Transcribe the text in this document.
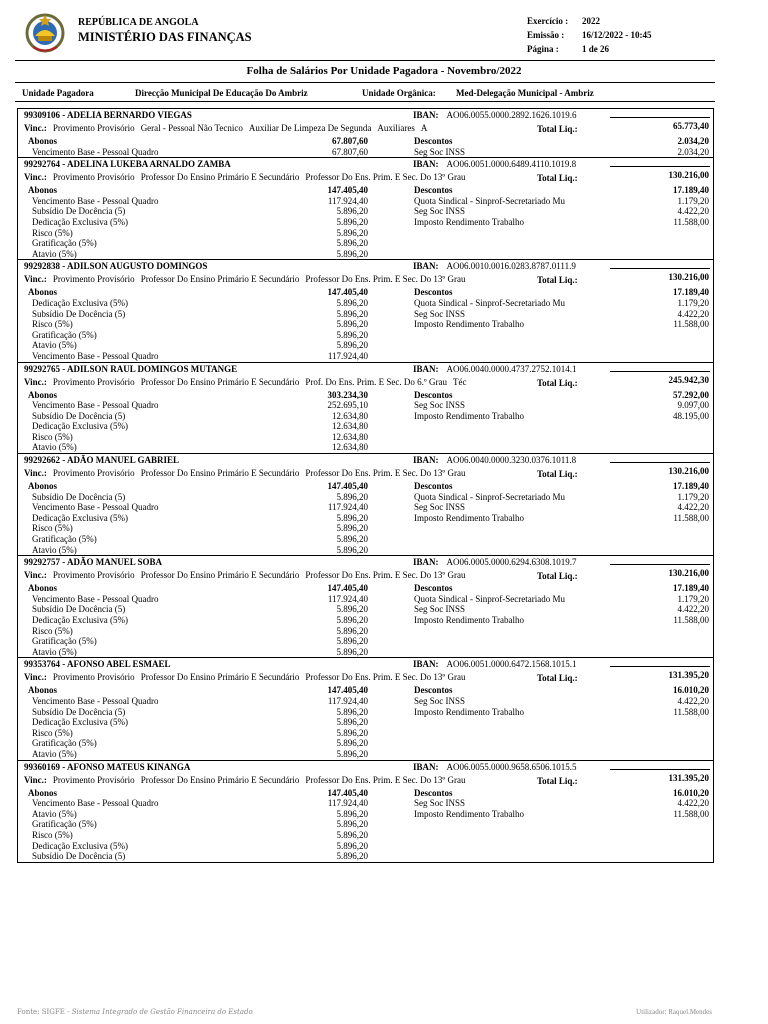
REPÚBLICA DE ANGOLA
MINISTÉRIO DAS FINANÇAS
Exercício : 2022
Emissão : 16/12/2022 - 10:45
Página :	1 de 26
Folha de Salários Por Unidade Pagadora - Novembro/2022
Unidade Pagadora	Direcção Municipal De Educação Do Ambriz	Unidade Orgânica: Med-Delegação Municipal - Ambriz
99309106 - ADELIA BERNARDO VIEGAS	IBAN: AO06.0055.0000.2892.1626.1019.6
Vinc.: Provimento Provisório Geral - Pessoal Não Tecnico Auxiliar De Limpeza De Segunda Auxiliares A	Total Liq.:	65.773,40
Abonos	67.807,60	Descontos	2.034,20
Vencimento Base - Pessoal Quadro	67.807,60	Seg Soc INSS	2.034,20
99292764 - ADELINA LUKEBA ARNALDO ZAMBA	IBAN: AO06.0051.0000.6489.4110.1019.8
Vinc.: Provimento Provisório Professor Do Ensino Primário E Secundário Professor Do Ens. Prim. E Sec. Do 13º Grau	Total Liq.:	130.216,00
Abonos	147.405,40	Descontos	17.189,40
Vencimento Base - Pessoal Quadro	117.924,40	Quota Sindical - Sinprof-Secretariado Mu	1.179,20
Subsídio De Docência (5)	5.896,20	Seg Soc INSS	4.422,20
Dedicação Exclusiva (5%)	5.896,20	Imposto Rendimento Trabalho	11.588,00
Risco (5%)	5.896,20
Gratificação (5%)	5.896,20
Atavio (5%)	5.896,20
99292838 - ADILSON AUGUSTO DOMINGOS	IBAN: AO06.0010.0016.0283.8787.0111.9
Vinc.: Provimento Provisório Professor Do Ensino Primário E Secundário Professor Do Ens. Prim. E Sec. Do 13º Grau	Total Liq.:	130.216,00
Abonos	147.405,40	Descontos	17.189,40
Dedicação Exclusiva (5%)	5.896,20	Quota Sindical - Sinprof-Secretariado Mu	1.179,20
Subsídio De Docência (5)	5.896,20	Seg Soc INSS	4.422,20
Risco (5%)	5.896,20	Imposto Rendimento Trabalho	11.588,00
Gratificação (5%)	5.896,20
Atavio (5%)	5.896,20
Vencimento Base - Pessoal Quadro	117.924,40
99292765 - ADILSON RAUL DOMINGOS MUTANGE	IBAN: AO06.0040.0000.4737.2752.1014.1
Vinc.: Provimento Provisório Professor Do Ensino Primário E Secundário Prof. Do Ens. Prim. E Sec. Do 6.º Grau Téc	Total Liq.:	245.942,30
Abonos	303.234,30	Descontos	57.292,00
Vencimento Base - Pessoal Quadro	252.695,10	Seg Soc INSS	9.097,00
Subsídio De Docência (5)	12.634,80	Imposto Rendimento Trabalho	48.195,00
Dedicação Exclusiva (5%)	12.634,80
Risco (5%)	12.634,80
Atavio (5%)	12.634,80
99292662 - ADÃO MANUEL GABRIEL	IBAN: AO06.0040.0000.3230.0376.1011.8
Vinc.: Provimento Provisório Professor Do Ensino Primário E Secundário Professor Do Ens. Prim. E Sec. Do 13º Grau	Total Liq.:	130.216,00
Abonos	147.405,40	Descontos	17.189,40
Subsídio De Docência (5)	5.896,20	Quota Sindical - Sinprof-Secretariado Mu	1.179,20
Vencimento Base - Pessoal Quadro	117.924,40	Seg Soc INSS	4.422,20
Dedicação Exclusiva (5%)	5.896,20	Imposto Rendimento Trabalho	11.588,00
Risco (5%)	5.896,20
Gratificação (5%)	5.896,20
Atavio (5%)	5.896,20
99292757 - ADÃO MANUEL SOBA	IBAN: AO06.0005.0000.6294.6308.1019.7
Vinc.: Provimento Provisório Professor Do Ensino Primário E Secundário Professor Do Ens. Prim. E Sec. Do 13º Grau	Total Liq.:	130.216,00
Abonos	147.405,40	Descontos	17.189,40
Vencimento Base - Pessoal Quadro	117.924,40	Quota Sindical - Sinprof-Secretariado Mu	1.179,20
Subsídio De Docência (5)	5.896,20	Seg Soc INSS	4.422,20
Dedicação Exclusiva (5%)	5.896,20	Imposto Rendimento Trabalho	11.588,00
Risco (5%)	5.896,20
Gratificação (5%)	5.896,20
Atavio (5%)	5.896,20
99353764 - AFONSO ABEL ESMAEL	IBAN: AO06.0051.0000.6472.1568.1015.1
Vinc.: Provimento Provisório Professor Do Ensino Primário E Secundário Professor Do Ens. Prim. E Sec. Do 13º Grau	Total Liq.:	131.395,20
Abonos	147.405,40	Descontos	16.010,20
Vencimento Base - Pessoal Quadro	117.924,40	Seg Soc INSS	4.422,20
Subsídio De Docência (5)	5.896,20	Imposto Rendimento Trabalho	11.588,00
Dedicação Exclusiva (5%)	5.896,20
Risco (5%)	5.896,20
Gratificação (5%)	5.896,20
Atavio (5%)	5.896,20
99360169 - AFONSO MATEUS KINANGA	IBAN: AO06.0055.0000.9658.6506.1015.5
Vinc.: Provimento Provisório Professor Do Ensino Primário E Secundário Professor Do Ens. Prim. E Sec. Do 13º Grau	Total Liq.:	131.395,20
Abonos	147.405,40	Descontos	16.010,20
Vencimento Base - Pessoal Quadro	117.924,40	Seg Soc INSS	4.422,20
Atavio (5%)	5.896,20	Imposto Rendimento Trabalho	11.588,00
Gratificação (5%)	5.896,20
Risco (5%)	5.896,20
Dedicação Exclusiva (5%)	5.896,20
Subsídio De Docência (5)	5.896,20
Fonte: SIGFE - Sistema Integrado de Gestão Financeira do Estado	Utilizador: Raquel.Mendes
